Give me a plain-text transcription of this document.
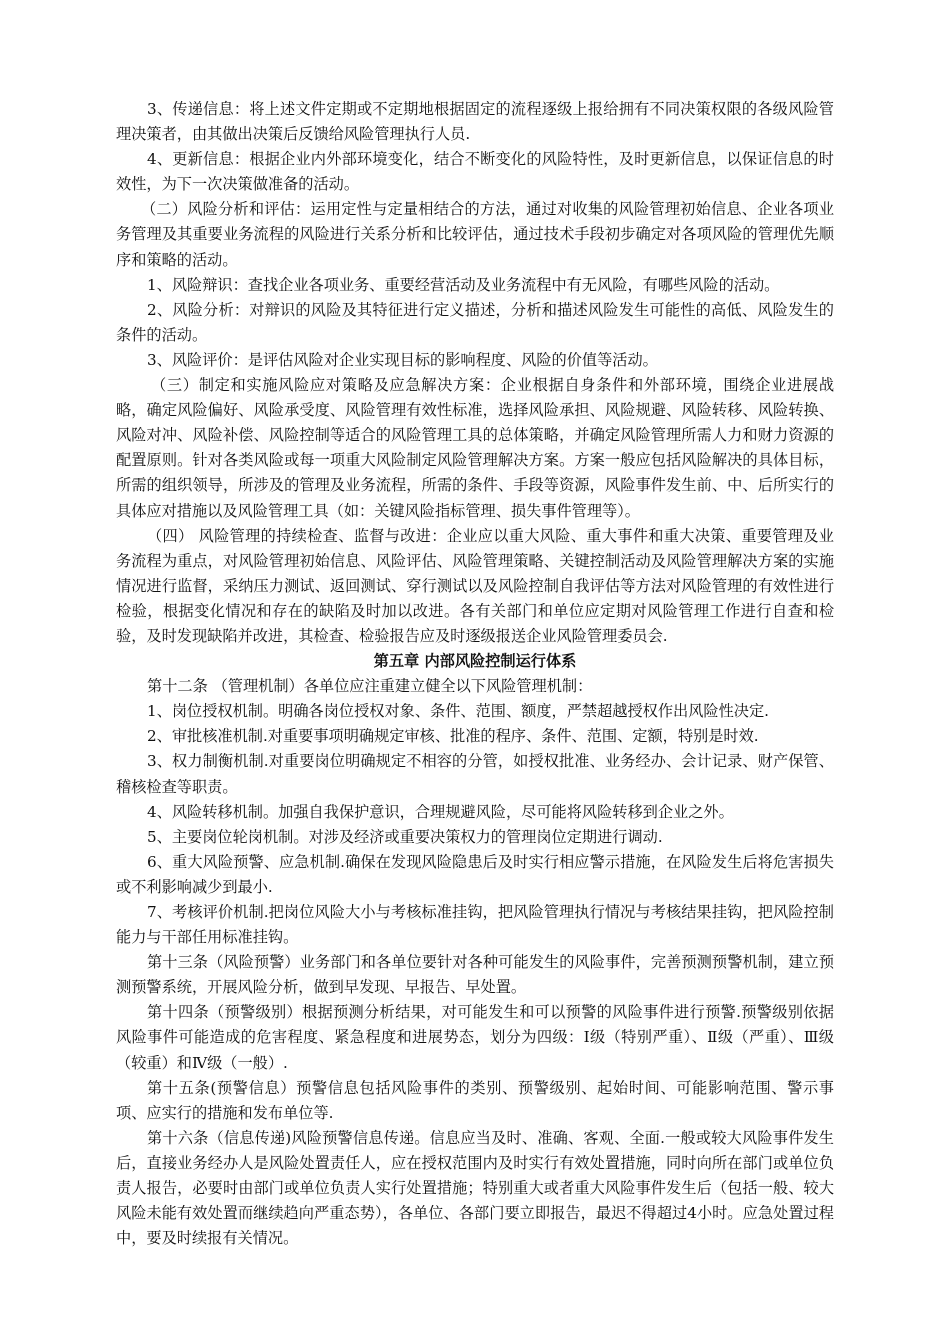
3、传递信息：将上述文件定期或不定期地根据固定的流程逐级上报给拥有不同决策权限的各级风险管理决策者，由其做出决策后反馈给风险管理执行人员.

4、更新信息：根据企业内外部环境变化，结合不断变化的风险特性，及时更新信息，以保证信息的时效性，为下一次决策做准备的活动。

（二）风险分析和评估：运用定性与定量相结合的方法，通过对收集的风险管理初始信息、企业各项业务管理及其重要业务流程的风险进行关系分析和比较评估，通过技术手段初步确定对各项风险的管理优先顺序和策略的活动。

1、风险辩识：查找企业各项业务、重要经营活动及业务流程中有无风险，有哪些风险的活动。

2、风险分析：对辩识的风险及其特征进行定义描述，分析和描述风险发生可能性的高低、风险发生的条件的活动。

3、风险评价：是评估风险对企业实现目标的影响程度、风险的价值等活动。

（三）制定和实施风险应对策略及应急解决方案：企业根据自身条件和外部环境，围绕企业进展战略，确定风险偏好、风险承受度、风险管理有效性标准，选择风险承担、风险规避、风险转移、风险转换、风险对冲、风险补偿、风险控制等适合的风险管理工具的总体策略，并确定风险管理所需人力和财力资源的配置原则。针对各类风险或每一项重大风险制定风险管理解决方案。方案一般应包括风险解决的具体目标，所需的组织领导，所涉及的管理及业务流程，所需的条件、手段等资源，风险事件发生前、中、后所实行的具体应对措施以及风险管理工具（如：关键风险指标管理、损失事件管理等）。

（四） 风险管理的持续检查、监督与改进：企业应以重大风险、重大事件和重大决策、重要管理及业务流程为重点，对风险管理初始信息、风险评估、风险管理策略、关键控制活动及风险管理解决方案的实施情况进行监督，采纳压力测试、返回测试、穿行测试以及风险控制自我评估等方法对风险管理的有效性进行检验，根据变化情况和存在的缺陷及时加以改进。各有关部门和单位应定期对风险管理工作进行自查和检验，及时发现缺陷并改进，其检查、检验报告应及时逐级报送企业风险管理委员会.

第五章 内部风险控制运行体系

第十二条 （管理机制）各单位应注重建立健全以下风险管理机制：

1、岗位授权机制。明确各岗位授权对象、条件、范围、额度，严禁超越授权作出风险性决定.

2、审批核准机制.对重要事项明确规定审核、批准的程序、条件、范围、定额，特别是时效.

3、权力制衡机制.对重要岗位明确规定不相容的分管，如授权批准、业务经办、会计记录、财产保管、稽核检查等职责。

4、风险转移机制。加强自我保护意识，合理规避风险，尽可能将风险转移到企业之外。

5、主要岗位轮岗机制。对涉及经济或重要决策权力的管理岗位定期进行调动.

6、重大风险预警、应急机制.确保在发现风险隐患后及时实行相应警示措施，在风险发生后将危害损失或不利影响减少到最小.

7、考核评价机制.把岗位风险大小与考核标准挂钩，把风险管理执行情况与考核结果挂钩，把风险控制能力与干部任用标准挂钩。

第十三条（风险预警）业务部门和各单位要针对各种可能发生的风险事件，完善预测预警机制，建立预测预警系统，开展风险分析，做到早发现、早报告、早处置。

第十四条（预警级别）根据预测分析结果，对可能发生和可以预警的风险事件进行预警.预警级别依据风险事件可能造成的危害程度、紧急程度和进展势态，划分为四级：Ⅰ级（特别严重）、Ⅱ级（严重）、Ⅲ级（较重）和Ⅳ级（一般）.

第十五条(预警信息）预警信息包括风险事件的类别、预警级别、起始时间、可能影响范围、警示事项、应实行的措施和发布单位等.

第十六条（信息传递)风险预警信息传递。信息应当及时、准确、客观、全面.一般或较大风险事件发生后，直接业务经办人是风险处置责任人，应在授权范围内及时实行有效处置措施，同时向所在部门或单位负责人报告，必要时由部门或单位负责人实行处置措施；特别重大或者重大风险事件发生后（包括一般、较大风险未能有效处置而继续趋向严重态势），各单位、各部门要立即报告，最迟不得超过4小时。应急处置过程中，要及时续报有关情况。
